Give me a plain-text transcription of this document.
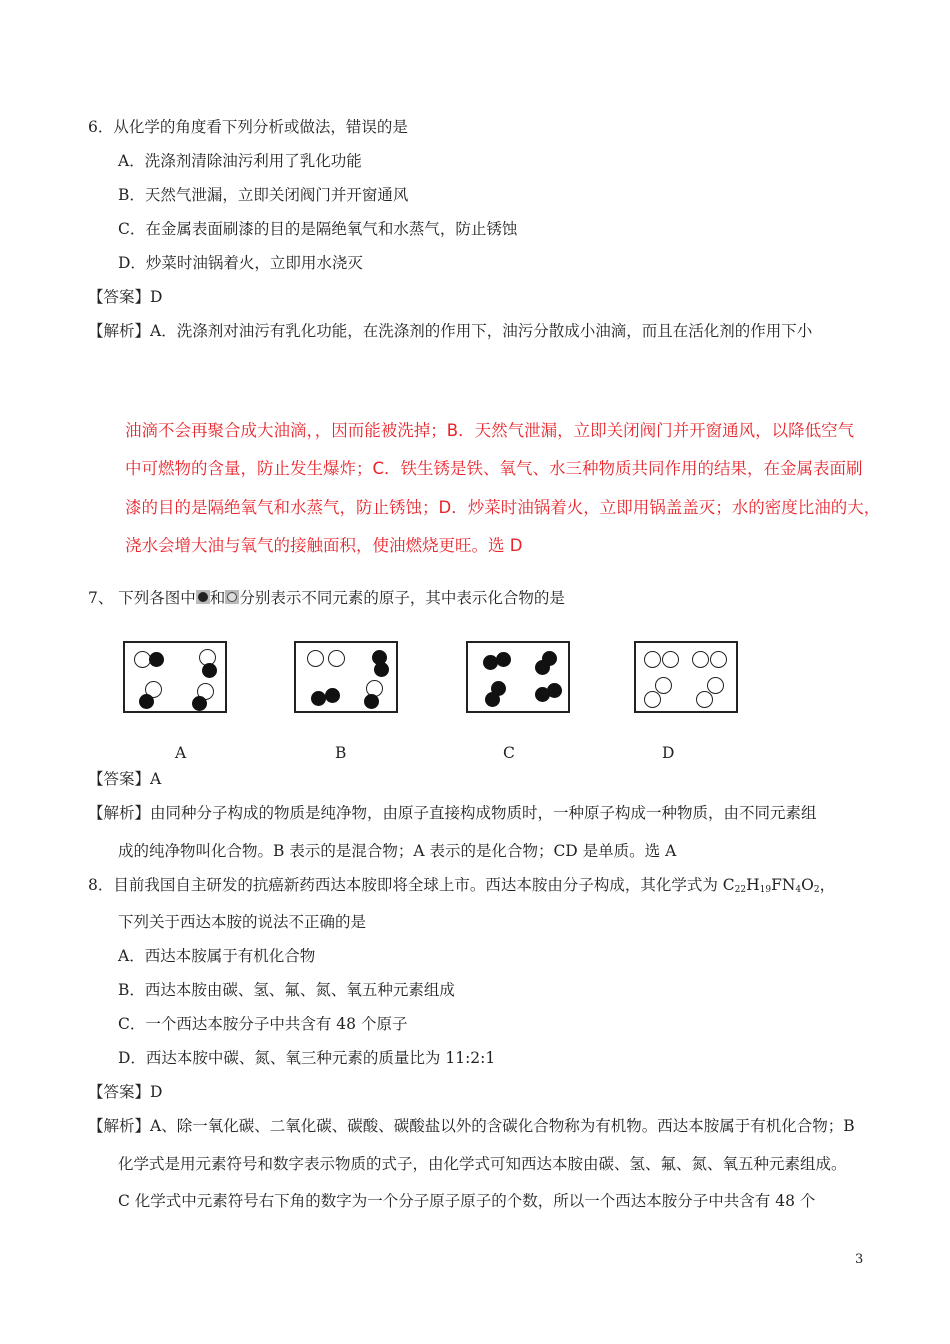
6．从化学的角度看下列分析或做法，错误的是
A．洗涤剂清除油污利用了乳化功能
B．天然气泄漏，立即关闭阀门并开窗通风
C．在金属表面刷漆的目的是隔绝氧气和水蒸气，防止锈蚀
D．炒菜时油锅着火，立即用水浇灭
【答案】D
【解析】A．洗涤剂对油污有乳化功能，在洗涤剂的作用下，油污分散成小油滴，而且在活化剂的作用下小
油滴不会再聚合成大油滴，，因而能被洗掉；B．天然气泄漏，立即关闭阀门并开窗通风，以降低空气
中可燃物的含量，防止发生爆炸；C．铁生锈是铁、氧气、水三种物质共同作用的结果，在金属表面刷
漆的目的是隔绝氧气和水蒸气，防止锈蚀；D．炒菜时油锅着火，立即用锅盖盖灭；水的密度比油的大，
浇水会增大油与氧气的接触面积，使油燃烧更旺。选 D
7、 下列各图中 和 分别表示不同元素的原子，其中表示化合物的是
A	B	C	D
【答案】A
【解析】由同种分子构成的物质是纯净物，由原子直接构成物质时，一种原子构成一种物质，由不同元素组
成的纯净物叫化合物。B 表示的是混合物；A 表示的是化合物；CD 是单质。选 A
8．目前我国自主研发的抗癌新药西达本胺即将全球上市。西达本胺由分子构成，其化学式为 $C_{22}H_{19}FN_4O_2$，
下列关于西达本胺的说法不正确的是
A．西达本胺属于有机化合物
B．西达本胺由碳、氢、氟、氮、氧五种元素组成
C．一个西达本胺分子中共含有 48 个原子
D．西达本胺中碳、氮、氧三种元素的质量比为 11:2:1
【答案】D
【解析】A、除一氧化碳、二氧化碳、碳酸、碳酸盐以外的含碳化合物称为有机物。西达本胺属于有机化合物；B
化学式是用元素符号和数字表示物质的式子，由化学式可知西达本胺由碳、氢、氟、氮、氧五种元素组成。
C 化学式中元素符号右下角的数字为一个分子原子原子的个数，所以一个西达本胺分子中共含有 48 个
3
